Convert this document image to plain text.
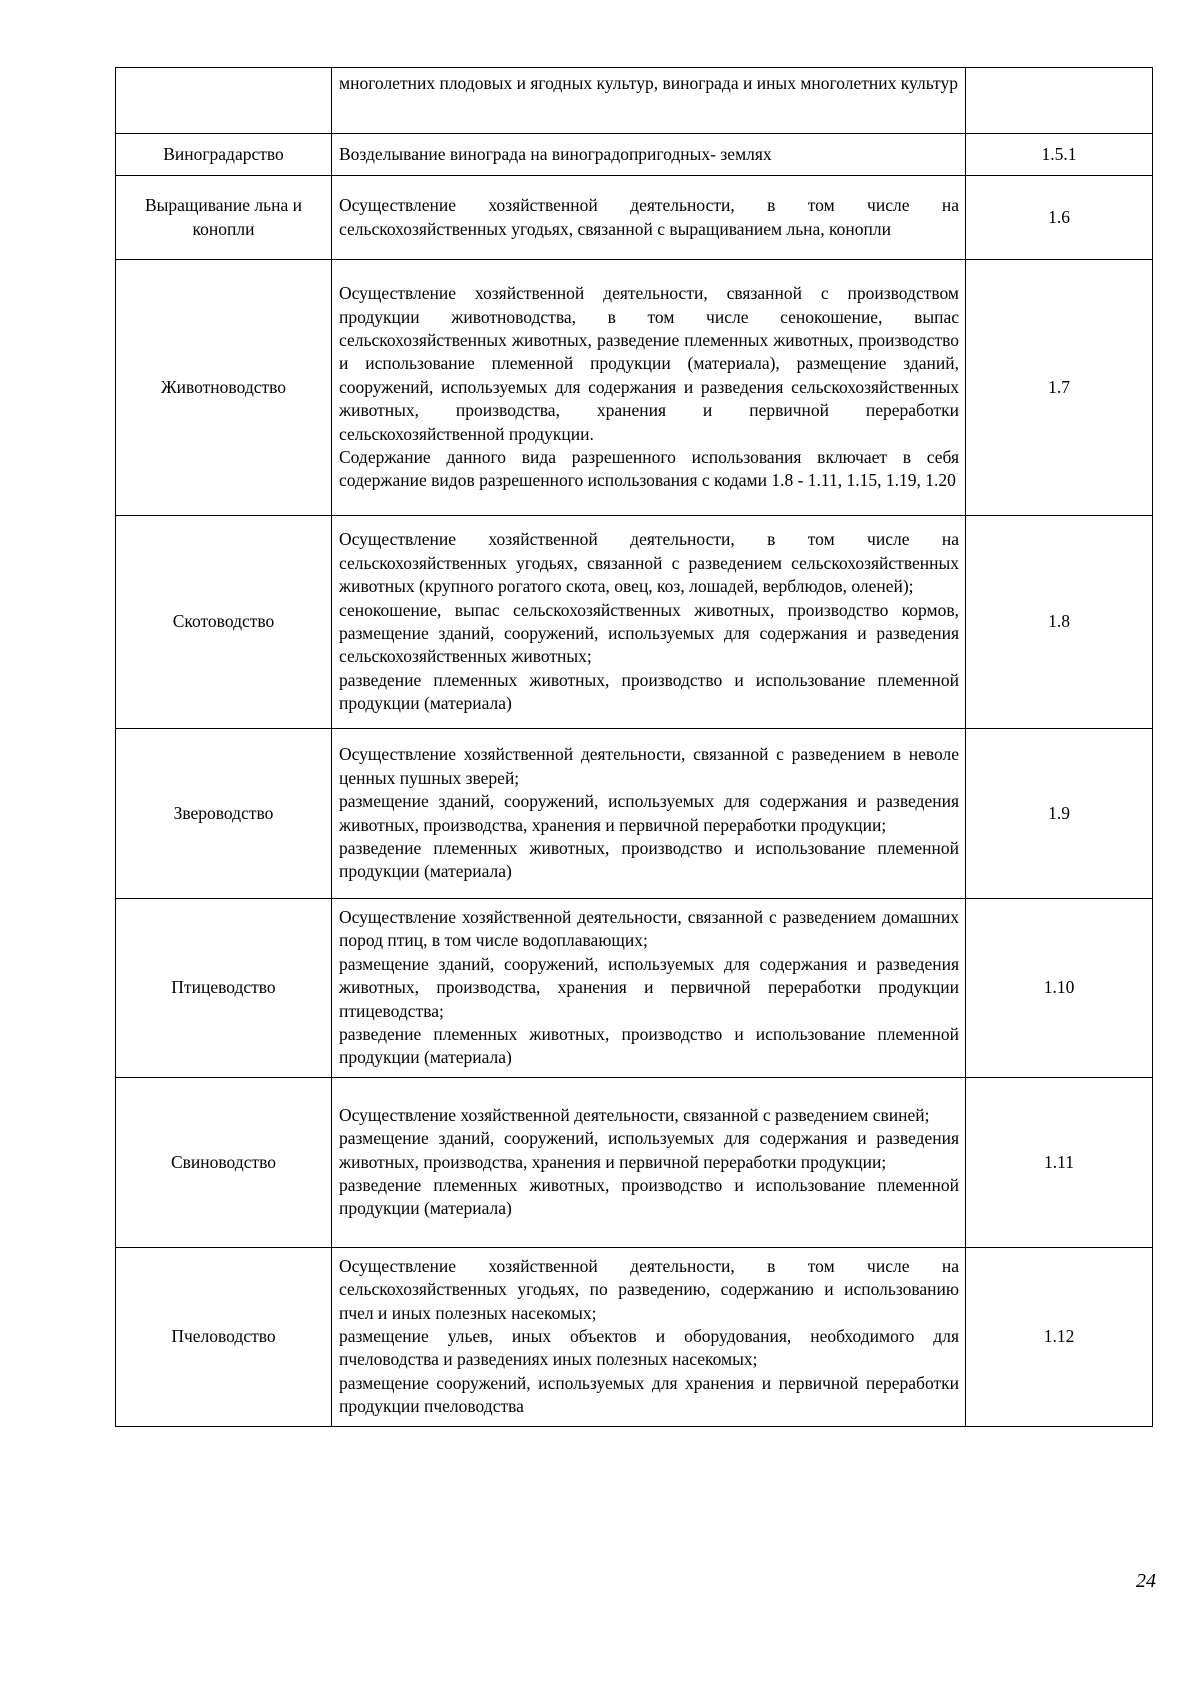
	многолетних плодовых и ягодных культур, винограда и иных многолетних культур	

Виноградарство	Возделывание винограда на виноградопригодных- землях	1.5.1
Выращивание льна и конопли	Осуществление хозяйственной деятельности, в том числе на сельскохозяйственных угодьях, связанной с выращиванием льна, конопли	1.6
Животноводство	Осуществление хозяйственной деятельности, связанной с производством продукции животноводства, в том числе сенокошение, выпас сельскохозяйственных животных, разведение племенных животных, производство и использование племенной продукции (материала), размещение зданий, сооружений, используемых для содержания и разведения сельскохозяйственных животных, производства, хранения и первичной переработки сельскохозяйственной продукции.
Содержание данного вида разрешенного использования включает в себя содержание видов разрешенного использования с кодами 1.8 - 1.11, 1.15, 1.19, 1.20	1.7
Скотоводство	Осуществление хозяйственной деятельности, в том числе на сельскохозяйственных угодьях, связанной с разведением сельскохозяйственных животных (крупного рогатого скота, овец, коз, лошадей, верблюдов, оленей);
сенокошение, выпас сельскохозяйственных животных, производство кормов, размещение зданий, сооружений, используемых для содержания и разведения сельскохозяйственных животных;
разведение племенных животных, производство и использование племенной продукции (материала)	1.8
Звероводство	Осуществление хозяйственной деятельности, связанной с разведением в неволе ценных пушных зверей;
размещение зданий, сооружений, используемых для содержания и разведения животных, производства, хранения и первичной переработки продукции;
разведение племенных животных, производство и использование племенной продукции (материала)	1.9
Птицеводство	Осуществление хозяйственной деятельности, связанной с разведением домашних пород птиц, в том числе водоплавающих;
размещение зданий, сооружений, используемых для содержания и разведения животных, производства, хранения и первичной переработки продукции птицеводства;
разведение племенных животных, производство и использование племенной продукции (материала)	1.10
Свиноводство	Осуществление хозяйственной деятельности, связанной с разведением свиней;
размещение зданий, сооружений, используемых для содержания и разведения животных, производства, хранения и первичной переработки продукции;
разведение племенных животных, производство и использование племенной продукции (материала)	1.11
Пчеловодство	Осуществление хозяйственной деятельности, в том числе на сельскохозяйственных угодьях, по разведению, содержанию и использованию пчел и иных полезных насекомых;
размещение ульев, иных объектов и оборудования, необходимого для пчеловодства и разведениях иных полезных насекомых;
размещение сооружений, используемых для хранения и первичной переработки продукции пчеловодства	1.12
24
